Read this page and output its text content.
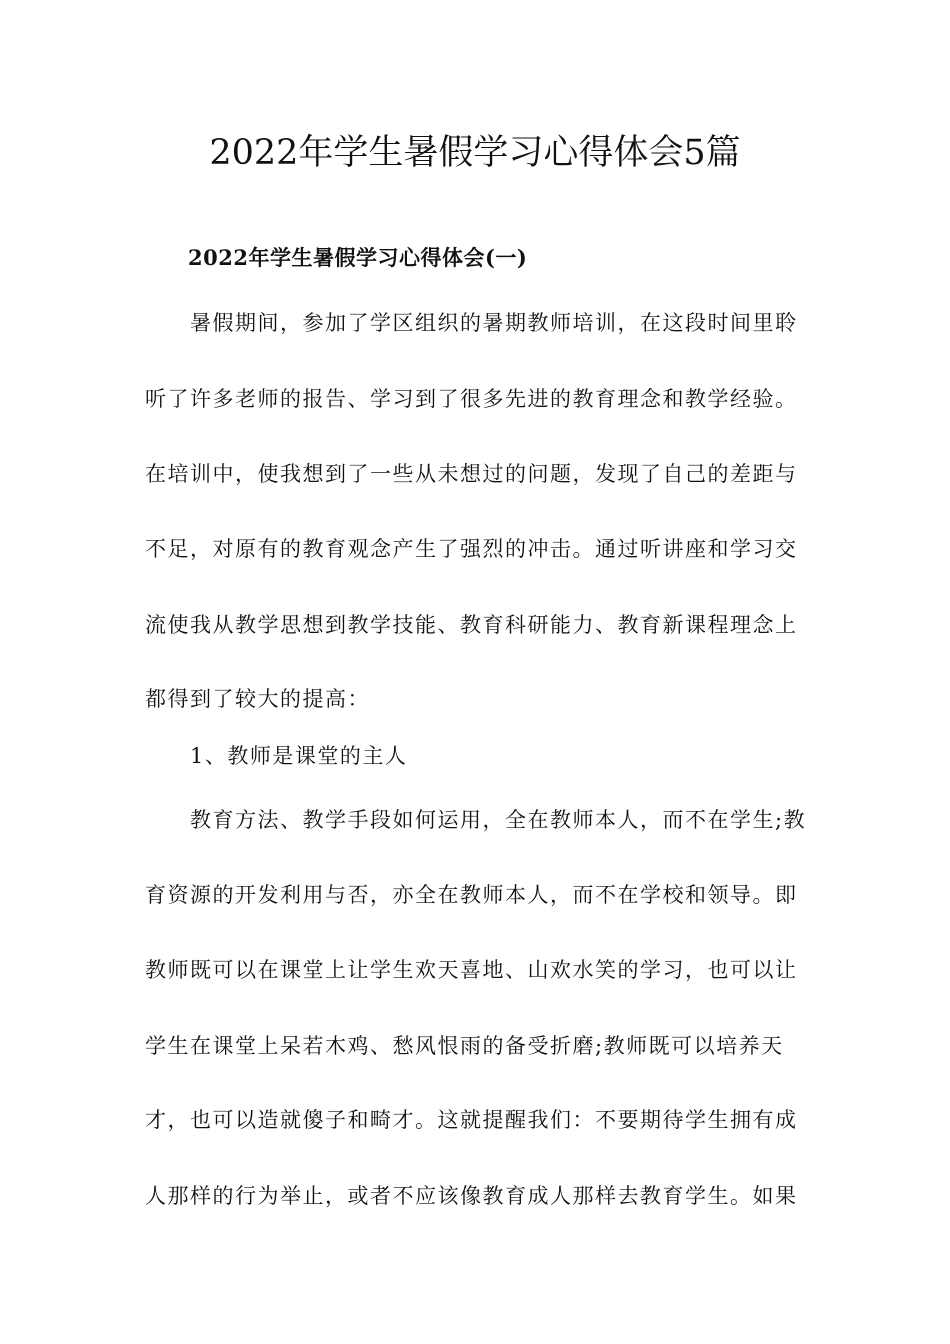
2022年学生暑假学习心得体会5篇
2022年学生暑假学习心得体会(一)
暑假期间，参加了学区组织的暑期教师培训，在这段时间里聆
听了许多老师的报告、学习到了很多先进的教育理念和教学经验。
在培训中，使我想到了一些从未想过的问题，发现了自己的差距与
不足，对原有的教育观念产生了强烈的冲击。通过听讲座和学习交
流使我从教学思想到教学技能、教育科研能力、教育新课程理念上
都得到了较大的提高：
1、教师是课堂的主人
教育方法、教学手段如何运用，全在教师本人，而不在学生;教
育资源的开发利用与否，亦全在教师本人，而不在学校和领导。即
教师既可以在课堂上让学生欢天喜地、山欢水笑的学习，也可以让
学生在课堂上呆若木鸡、愁风恨雨的备受折磨;教师既可以培养天
才，也可以造就傻子和畸才。这就提醒我们：不要期待学生拥有成
人那样的行为举止，或者不应该像教育成人那样去教育学生。如果
